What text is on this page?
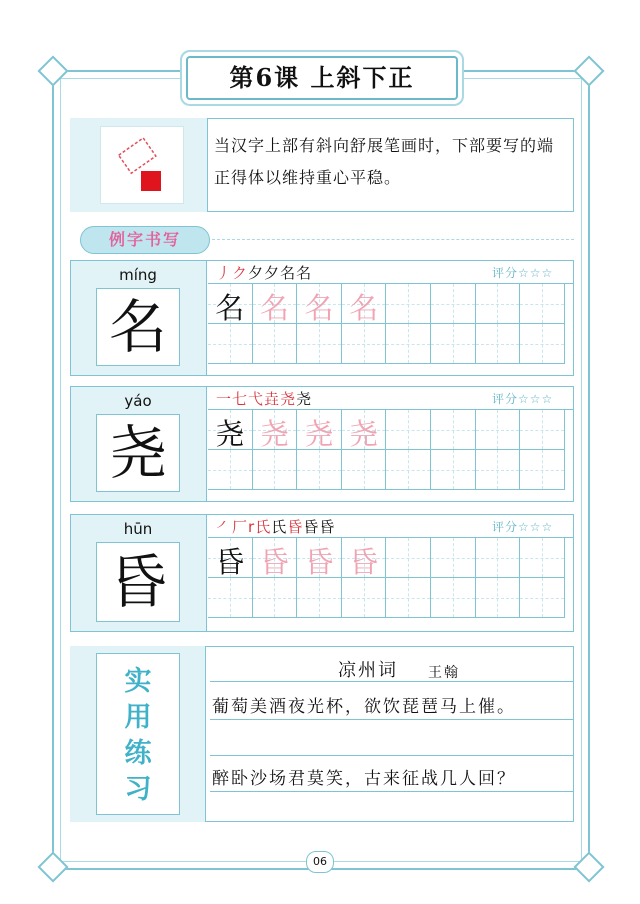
第6课 上斜下正
当汉字上部有斜向舒展笔画时，下部要写的端正得体以维持重心平稳。
例字书写
míng
名
丿ク夕夕名名	评分☆☆☆
名 名 名 名
yáo
尧
一七弋垚尧尧	评分☆☆☆
尧 尧 尧 尧
hūn
昏
㇒厂r氏氏昏昏昏	评分☆☆☆
昏 昏 昏 昏
实
用
练
习
凉州词 王翰
葡萄美酒夜光杯，欲饮琵琶马上催。
醉卧沙场君莫笑，古来征战几人回？
06
